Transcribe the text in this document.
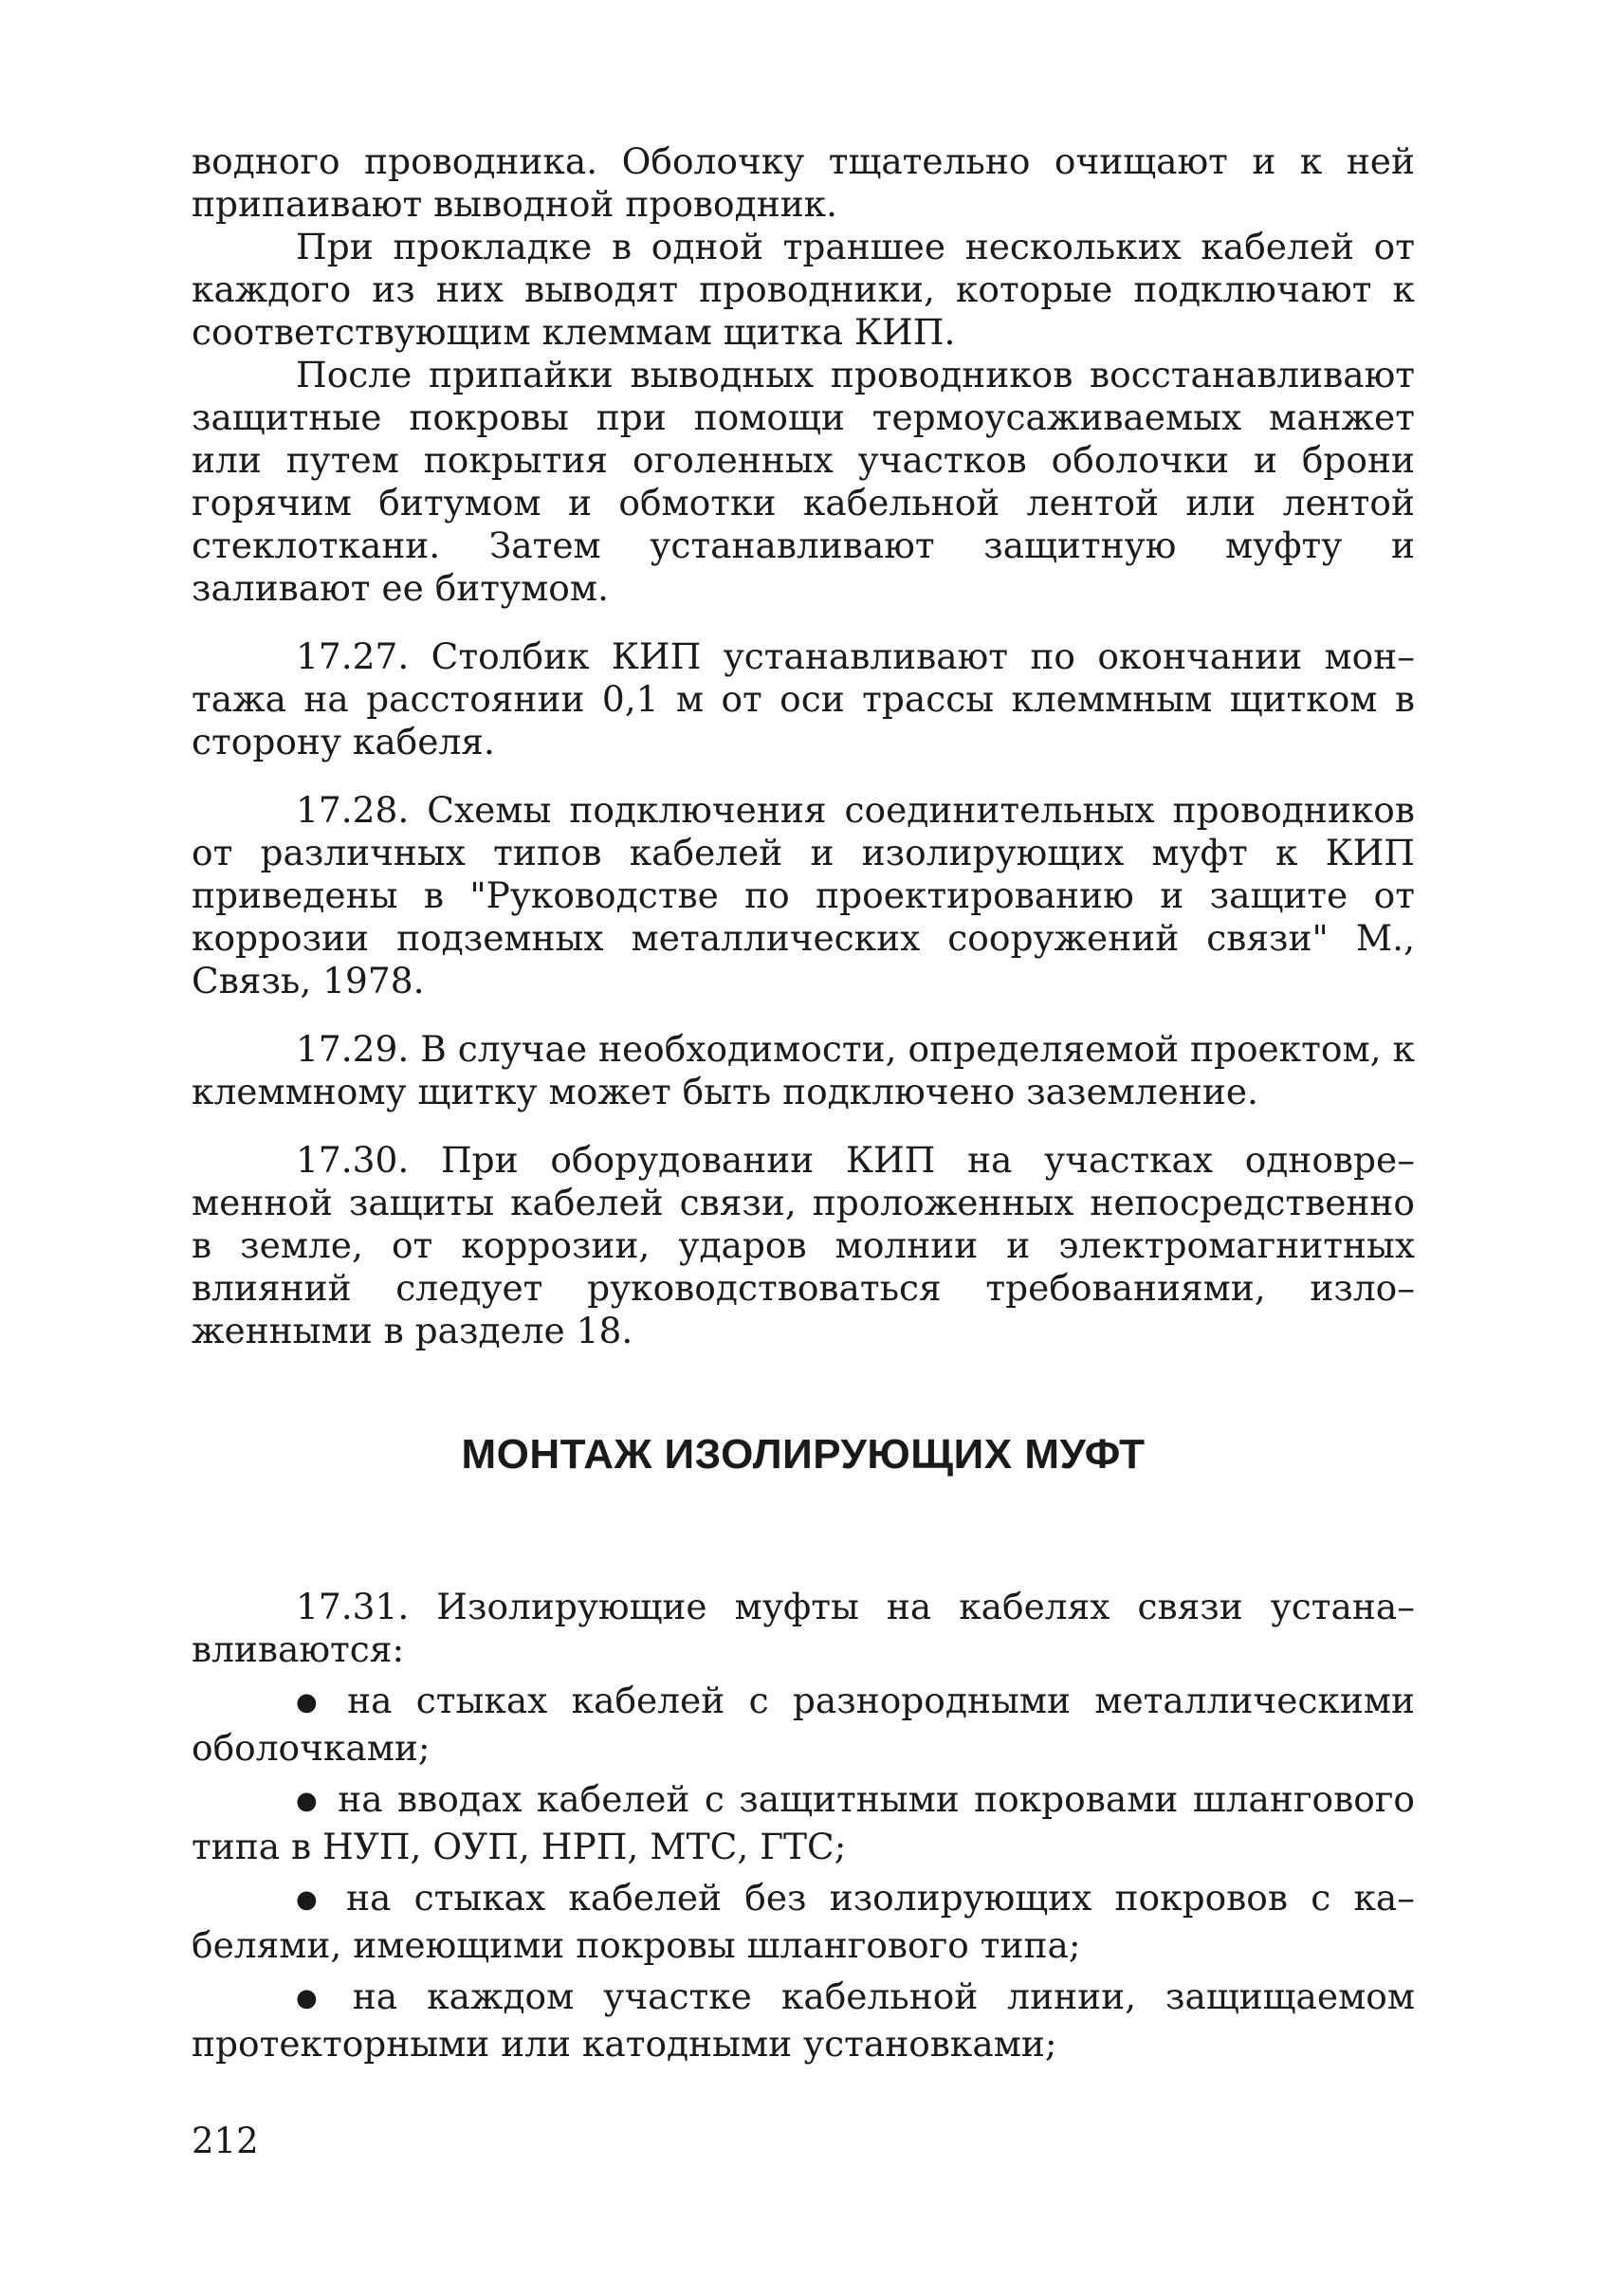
водного проводника. Оболочку тщательно очищают и к ней припаивают выводной проводник.

При прокладке в одной траншее нескольких кабелей от каждого из них выводят проводники, которые подключают к соответствующим клеммам щитка КИП.

После припайки выводных проводников восстанавливают защитные покровы при помощи термоусаживаемых манжет или путем покрытия оголенных участков оболочки и брони горячим битумом и обмотки кабельной лентой или лентой стеклоткани. Затем устанавливают защитную муфту и заливают ее битумом.

17.27. Столбик КИП устанавливают по окончании мон–тажа на расстоянии 0,1 м от оси трассы клеммным щитком в сторону кабеля.

17.28. Схемы подключения соединительных проводников от различных типов кабелей и изолирующих муфт к КИП приведены в "Руководстве по проектированию и защите от коррозии подземных металлических сооружений связи" М., Связь, 1978.

17.29. В случае необходимости, определяемой проектом, к клеммному щитку может быть подключено заземление.

17.30. При оборудовании КИП на участках одновре–менной защиты кабелей связи, проложенных непосредственно в земле, от коррозии, ударов молнии и электромагнитных влияний следует руководствоваться требованиями, изло–женными в разделе 18.

МОНТАЖ ИЗОЛИРУЮЩИХ МУФТ

17.31. Изолирующие муфты на кабелях связи устана–вливаются:

● на стыках кабелей с разнородными металлическими оболочками;

● на вводах кабелей с защитными покровами шлангового типа в НУП, ОУП, НРП, МТС, ГТС;

● на стыках кабелей без изолирующих покровов с ка–белями, имеющими покровы шлангового типа;

● на каждом участке кабельной линии, защищаемом протекторными или катодными установками;

212
